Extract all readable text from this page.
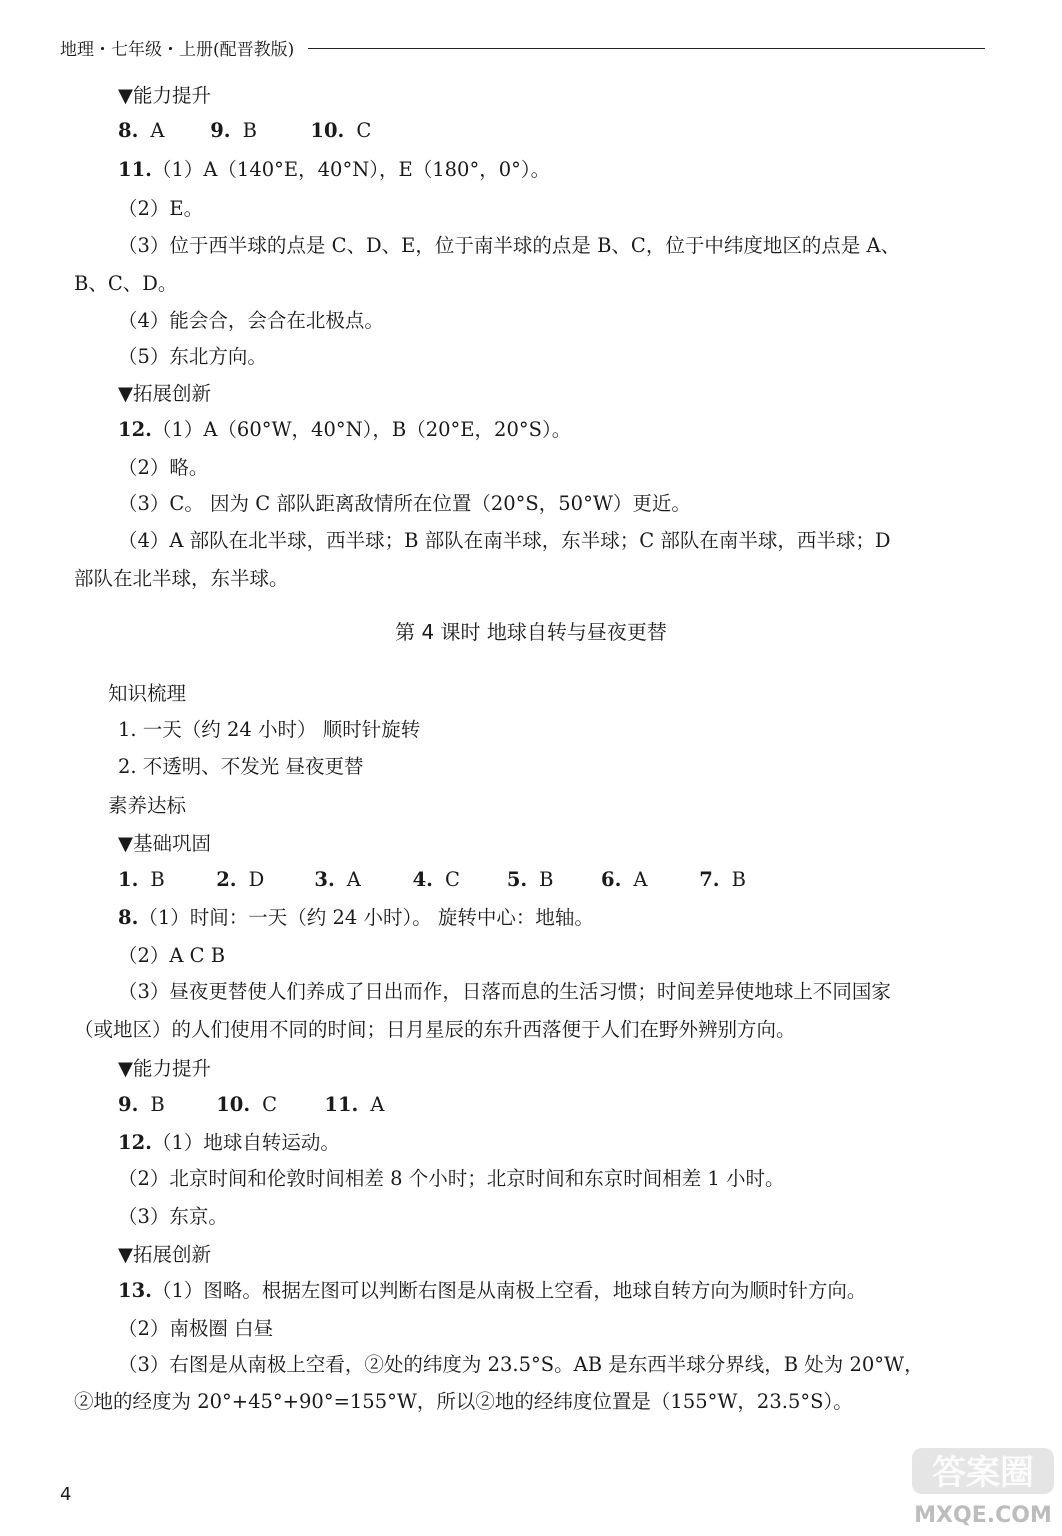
地理・七年级・上册(配晋教版)
▼能力提升
8. A 9. B	10. C
11.（1）A（140°E，40°N），E（180°，0°）。
（2）E。
（3）位于西半球的点是 C、D、E，位于南半球的点是 B、C，位于中纬度地区的点是 A、
B、C、D。
（4）能会合，会合在北极点。
（5）东北方向。
▼拓展创新
12.（1）A（60°W，40°N），B（20°E，20°S）。
（2）略。
（3）C。 因为 C 部队距离敌情所在位置（20°S，50°W）更近。
（4）A 部队在北半球，西半球；B 部队在南半球，东半球；C 部队在南半球，西半球；D
部队在北半球，东半球。
第 4 课时 地球自转与昼夜更替
知识梳理
1. 一天（约 24 小时） 顺时针旋转
2. 不透明、不发光 昼夜更替
素养达标
▼基础巩固
1. B	2. D	3. A	4. C 5. B 6. A	7. B
8.（1）时间：一天（约 24 小时）。 旋转中心：地轴。
（2）A C B
（3）昼夜更替使人们养成了日出而作，日落而息的生活习惯；时间差异使地球上不同国家
（或地区）的人们使用不同的时间；日月星辰的东升西落便于人们在野外辨别方向。
▼能力提升
9. B	10. C 11. A
12.（1）地球自转运动。
（2）北京时间和伦敦时间相差 8 个小时；北京时间和东京时间相差 1 小时。
（3）东京。
▼拓展创新
13.（1）图略。根据左图可以判断右图是从南极上空看，地球自转方向为顺时针方向。
（2）南极圈 白昼
（3）右图是从南极上空看，②处的纬度为 23.5°S。AB 是东西半球分界线，B 处为 20°W，
②地的经度为 20°+45°+90°=155°W，所以②地的经纬度位置是（155°W，23.5°S）。
4
答案圈
MXQE.COM
